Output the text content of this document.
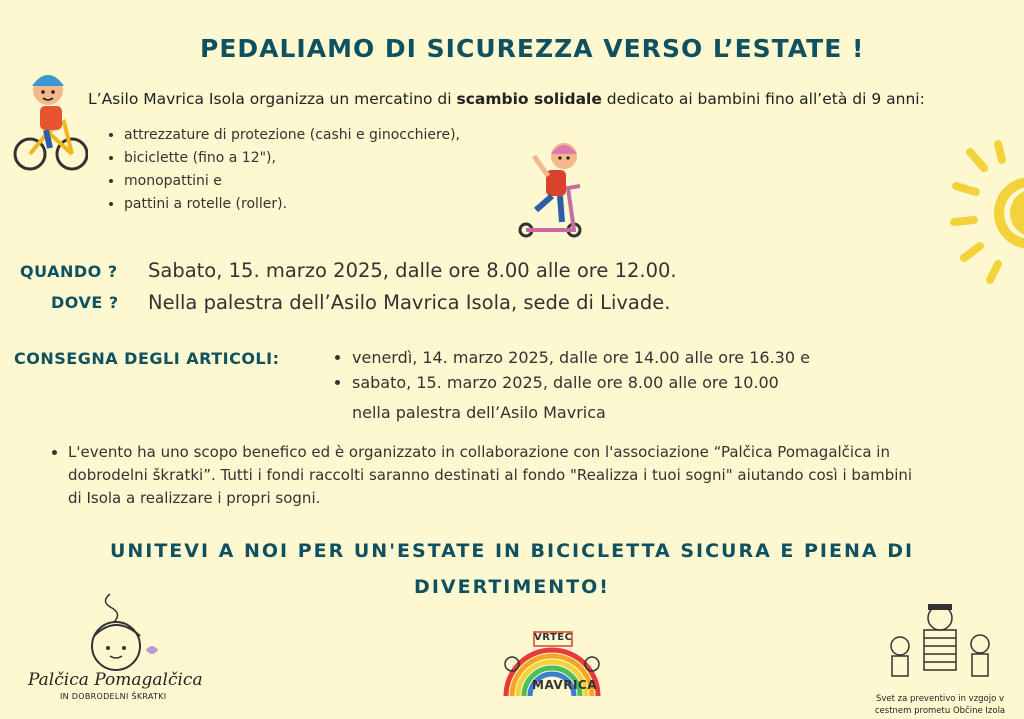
PEDALIAMO DI SICUREZZA VERSO L’ESTATE !
L’Asilo Mavrica Isola organizza un mercatino di scambio solidale dedicato ai bambini fino all’età di 9 anni:
• attrezzature di protezione (cashi e ginocchiere),
• biciclette (fino a 12"),
• monopattini e
• pattini a rotelle (roller).
QUANDO ? Sabato, 15. marzo 2025, dalle ore 8.00 alle ore 12.00.
DOVE ? Nella palestra dell’Asilo Mavrica Isola, sede di Livade.
CONSEGNA DEGLI ARTICOLI:
•	venerdì, 14. marzo 2025, dalle ore 14.00 alle ore 16.30 e
• sabato, 15. marzo 2025, dalle ore 8.00 alle ore 10.00
nella palestra dell’Asilo Mavrica
• L'evento ha uno scopo benefico ed è organizzato in collaborazione con l'associazione “Palčica Pomagalčica in dobrodelni škratki”. Tutti i fondi raccolti saranno destinati al fondo "Realizza i tuoi sogni" aiutando così i bambini di Isola a realizzare i propri sogni.
UNITEVI A NOI PER UN'ESTATE IN BICICLETTA SICURA E PIENA DI
DIVERTIMENTO!
Palčica Pomagalčica
IN DOBRODELNI ŠKRATKI
VRTEC
MAVRICA
Svet za preventivo in vzgojo v
cestnem prometu Občine Izola
